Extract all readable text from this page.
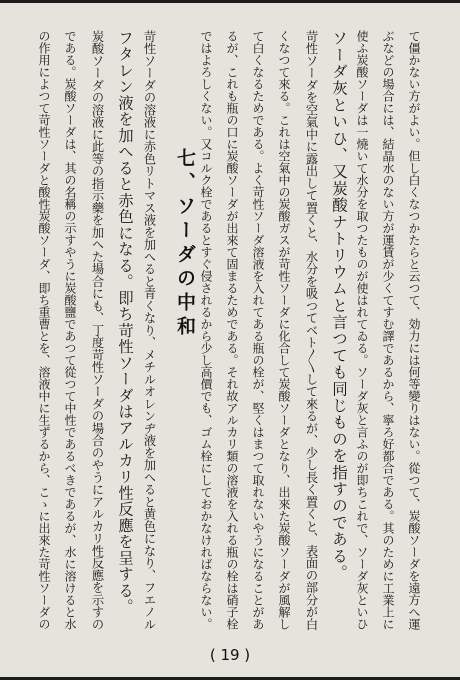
て僵かない方がよい。但し白くなつかたらと云つて、効力には何等變りはない。從つて、炭酸ソーダを遠方へ運
ぶなどの場合には、結晶水のない方が運賃が少くてすむ譯であるから、寧ろ好都合である。其のために工業上に
使ふ炭酸ソーダは一燒いて水分を取つたものが使はれてゐる。ソーダ灰と言ふのが即ちこれで、ソーダ灰といひ
ソーダ灰といひ、又炭酸ナトリウムと言つても同じものを指すのである。
苛性ソーダを空氣中に露出して置くと、水分を吸つてベト〳〵して來るが、少し長く置くと、表面の部分が白
くなつて來る。これは空氣中の炭酸ガスが苛性ソーダに化合して炭酸ソーダとなり、出來た炭酸ソーダが風解し
て白くなるためである。よく苛性ソーダ溶液を入れてある瓶の栓が、堅くはまつて取れないやうになることがあ
るが、これも瓶の口に炭酸ソーダが出來て固まるためである。それ故アルカリ類の溶液を入れる瓶の栓は硝子栓
ではよろしくない。又コルク栓であるとすぐ侵されるから少し高價でも、ゴム栓にしておかなければならない。
七、ソーダの中和
苛性ソーダの溶液に赤色リトマス液を加へると青くなり、メチルオレンヂ液を加へると黄色になり、フエノル
フタレン液を加へると赤色になる。即ち苛性ソーダはアルカリ性反應を呈する。
炭酸ソーダの溶液に此等の指示藥を加へた場合にも、丁度苛性ソーダの場合のやうにアルカリ性反應を示すの
である。炭酸ソーダは、其の名稱の示すやうに炭酸鹽であつて從つて中性であるべきであるが、水に溶けると水
の作用によつて苛性ソーダと酸性炭酸ソーダ、即ち重曹とを、溶液中に生ずるから、こゝに出來た苛性ソーダの
( 19 )
